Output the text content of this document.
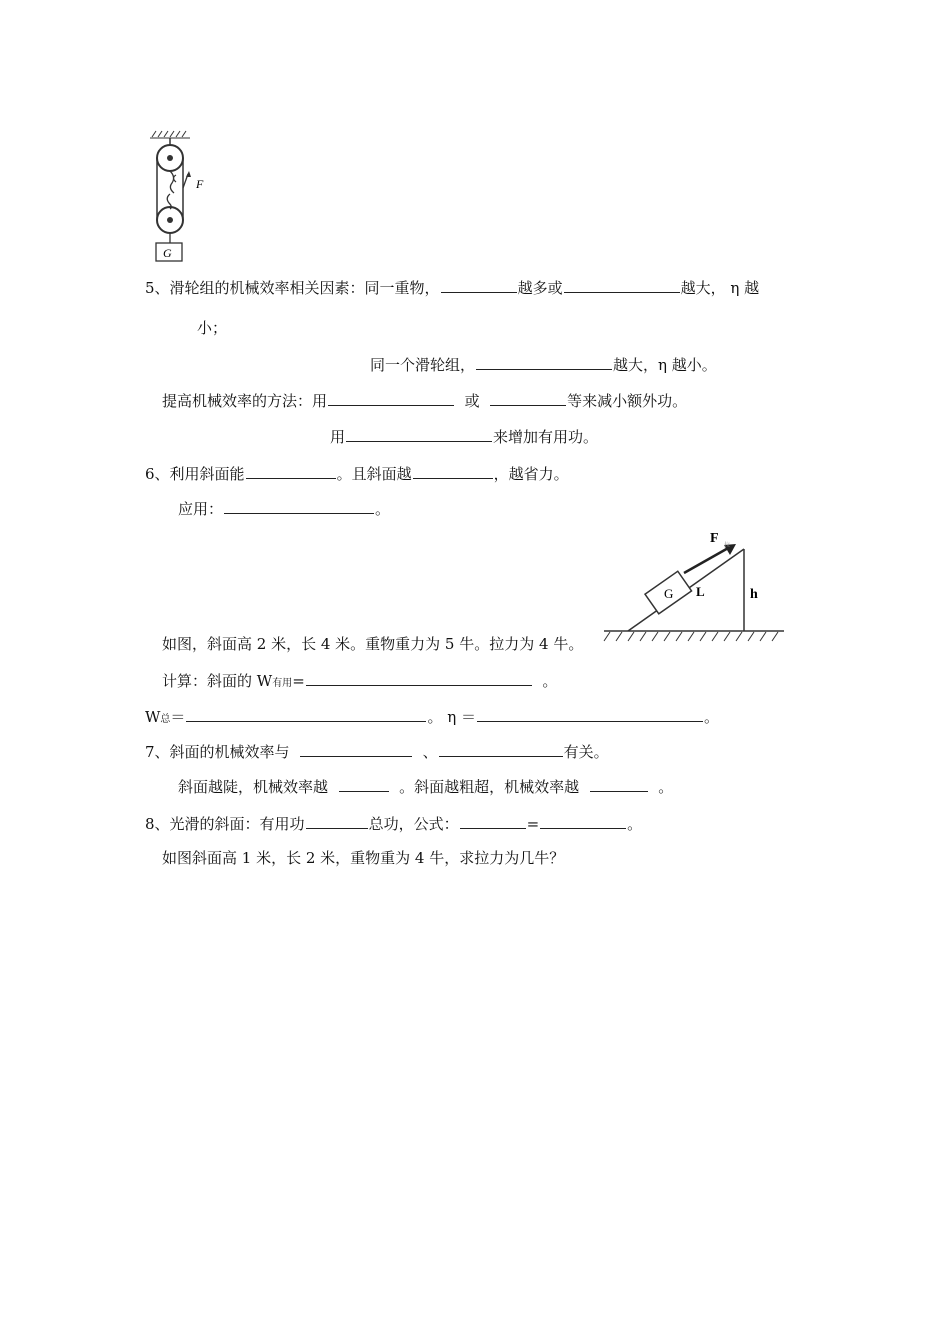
F
G
5、滑轮组的机械效率相关因素：同一重物，	越多或	越大， η 越
小；
同一个滑轮组，	越大，η 越小。
提高机械效率的方法：用	或	等来减小额外功。
用	来增加有用功。
6、利用斜面能	。且斜面越	，越省力。
应用：	。
G L	h
F 拉
如图，斜面高 2 米，长 4 米。重物重力为 5 牛。拉力为 4 牛。
计算：斜面的 W有用=	。
W总＝	。 η ＝	。
7、斜面的机械效率与	、	有关。
斜面越陡，机械效率越	。斜面越粗超，机械效率越	。
8、光滑的斜面：有用功	总功，公式：	=	。
如图斜面高 1 米，长 2 米，重物重为 4 牛，求拉力为几牛？
